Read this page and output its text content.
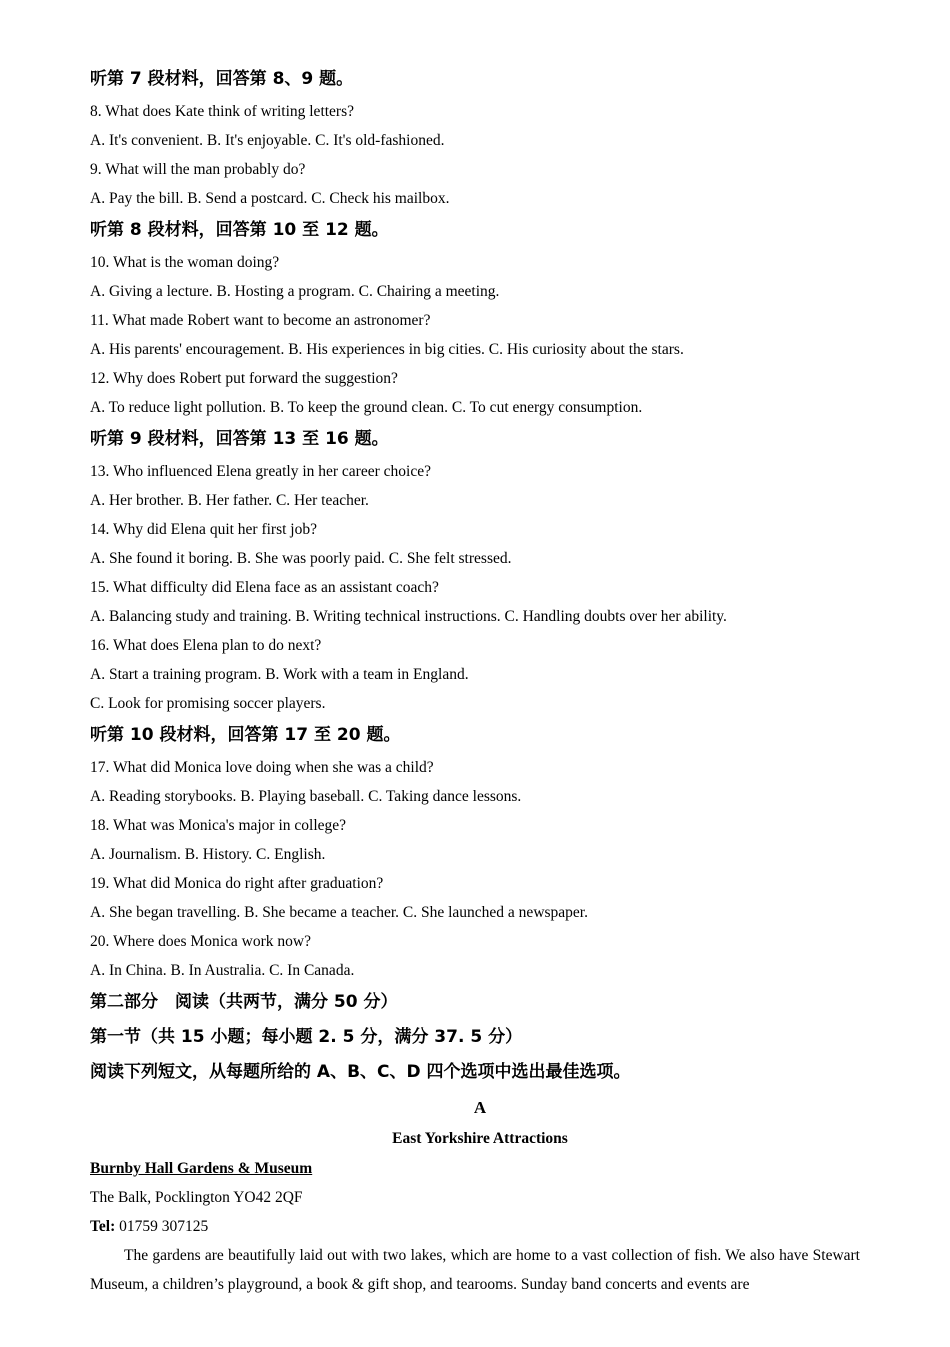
听第 7 段材料，回答第 8、9 题。
8. What does Kate think of writing letters?
A. It's convenient. B. It's enjoyable. C. It's old-fashioned.
9. What will the man probably do?
A. Pay the bill. B. Send a postcard. C. Check his mailbox.
听第 8 段材料，回答第 10 至 12 题。
10. What is the woman doing?
A. Giving a lecture. B. Hosting a program. C. Chairing a meeting.
11. What made Robert want to become an astronomer?
A. His parents' encouragement. B. His experiences in big cities. C. His curiosity about the stars.
12. Why does Robert put forward the suggestion?
A. To reduce light pollution. B. To keep the ground clean. C. To cut energy consumption.
听第 9 段材料，回答第 13 至 16 题。
13. Who influenced Elena greatly in her career choice?
A. Her brother. B. Her father. C. Her teacher.
14. Why did Elena quit her first job?
A. She found it boring. B. She was poorly paid. C. She felt stressed.
15. What difficulty did Elena face as an assistant coach?
A. Balancing study and training. B. Writing technical instructions. C. Handling doubts over her ability.
16. What does Elena plan to do next?
A. Start a training program. B. Work with a team in England.
C. Look for promising soccer players.
听第 10 段材料，回答第 17 至 20 题。
17. What did Monica love doing when she was a child?
A. Reading storybooks. B. Playing baseball. C. Taking dance lessons.
18. What was Monica's major in college?
A. Journalism. B. History. C. English.
19. What did Monica do right after graduation?
A. She began travelling. B. She became a teacher. C. She launched a newspaper.
20. Where does Monica work now?
A. In China. B. In Australia. C. In Canada.
第二部分　阅读（共两节，满分 50 分）
第一节（共 15 小题；每小题 2. 5 分，满分 37. 5 分）
阅读下列短文，从每题所给的 A、B、C、D 四个选项中选出最佳选项。
A
East Yorkshire Attractions
Burnby Hall Gardens & Museum
The Balk, Pocklington YO42 2QF
Tel: 01759 307125
The gardens are beautifully laid out with two lakes, which are home to a vast collection of fish. We also have Stewart Museum, a children’s playground, a book & gift shop, and tearooms. Sunday band concerts and events are
